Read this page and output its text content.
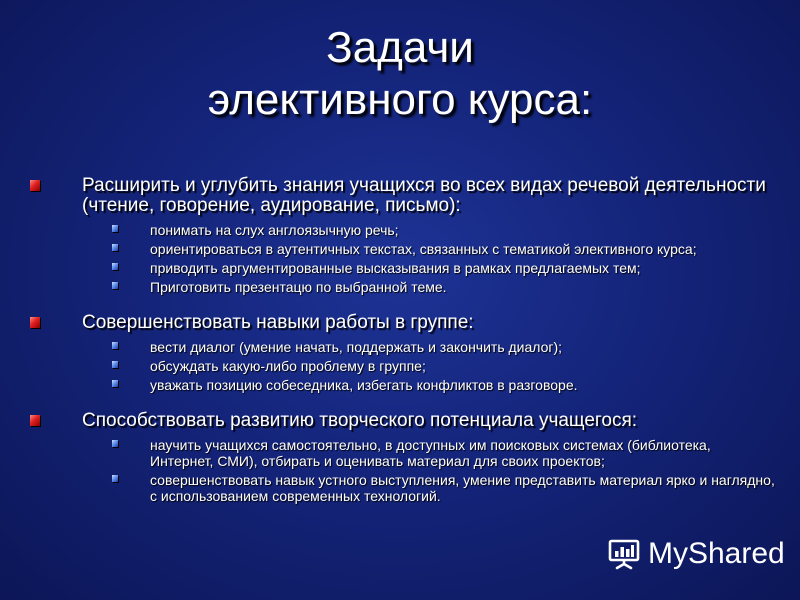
Задачи
элективного курса:
Расширить и углубить знания учащихся во всех видах речевой деятельности (чтение, говорение, аудирование, письмо):
понимать на слух англоязычную речь;
ориентироваться в аутентичных текстах, связанных с тематикой элективного курса;
приводить аргументированные высказывания в рамках предлагаемых тем;
Приготовить презентацю по выбранной теме.
Совершенствовать навыки работы в группе:
вести диалог (умение начать, поддержать и закончить диалог);
обсуждать какую-либо проблему в группе;
уважать позицию собеседника, избегать конфликтов в разговоре.
Способствовать развитию творческого потенциала учащегося:
научить учащихся самостоятельно, в доступных им поисковых системах (библиотека, Интернет, СМИ), отбирать и оценивать материал для своих проектов;
совершенствовать навык устного выступления, умение представить материал ярко и наглядно, с использованием современных технологий.
MyShared
